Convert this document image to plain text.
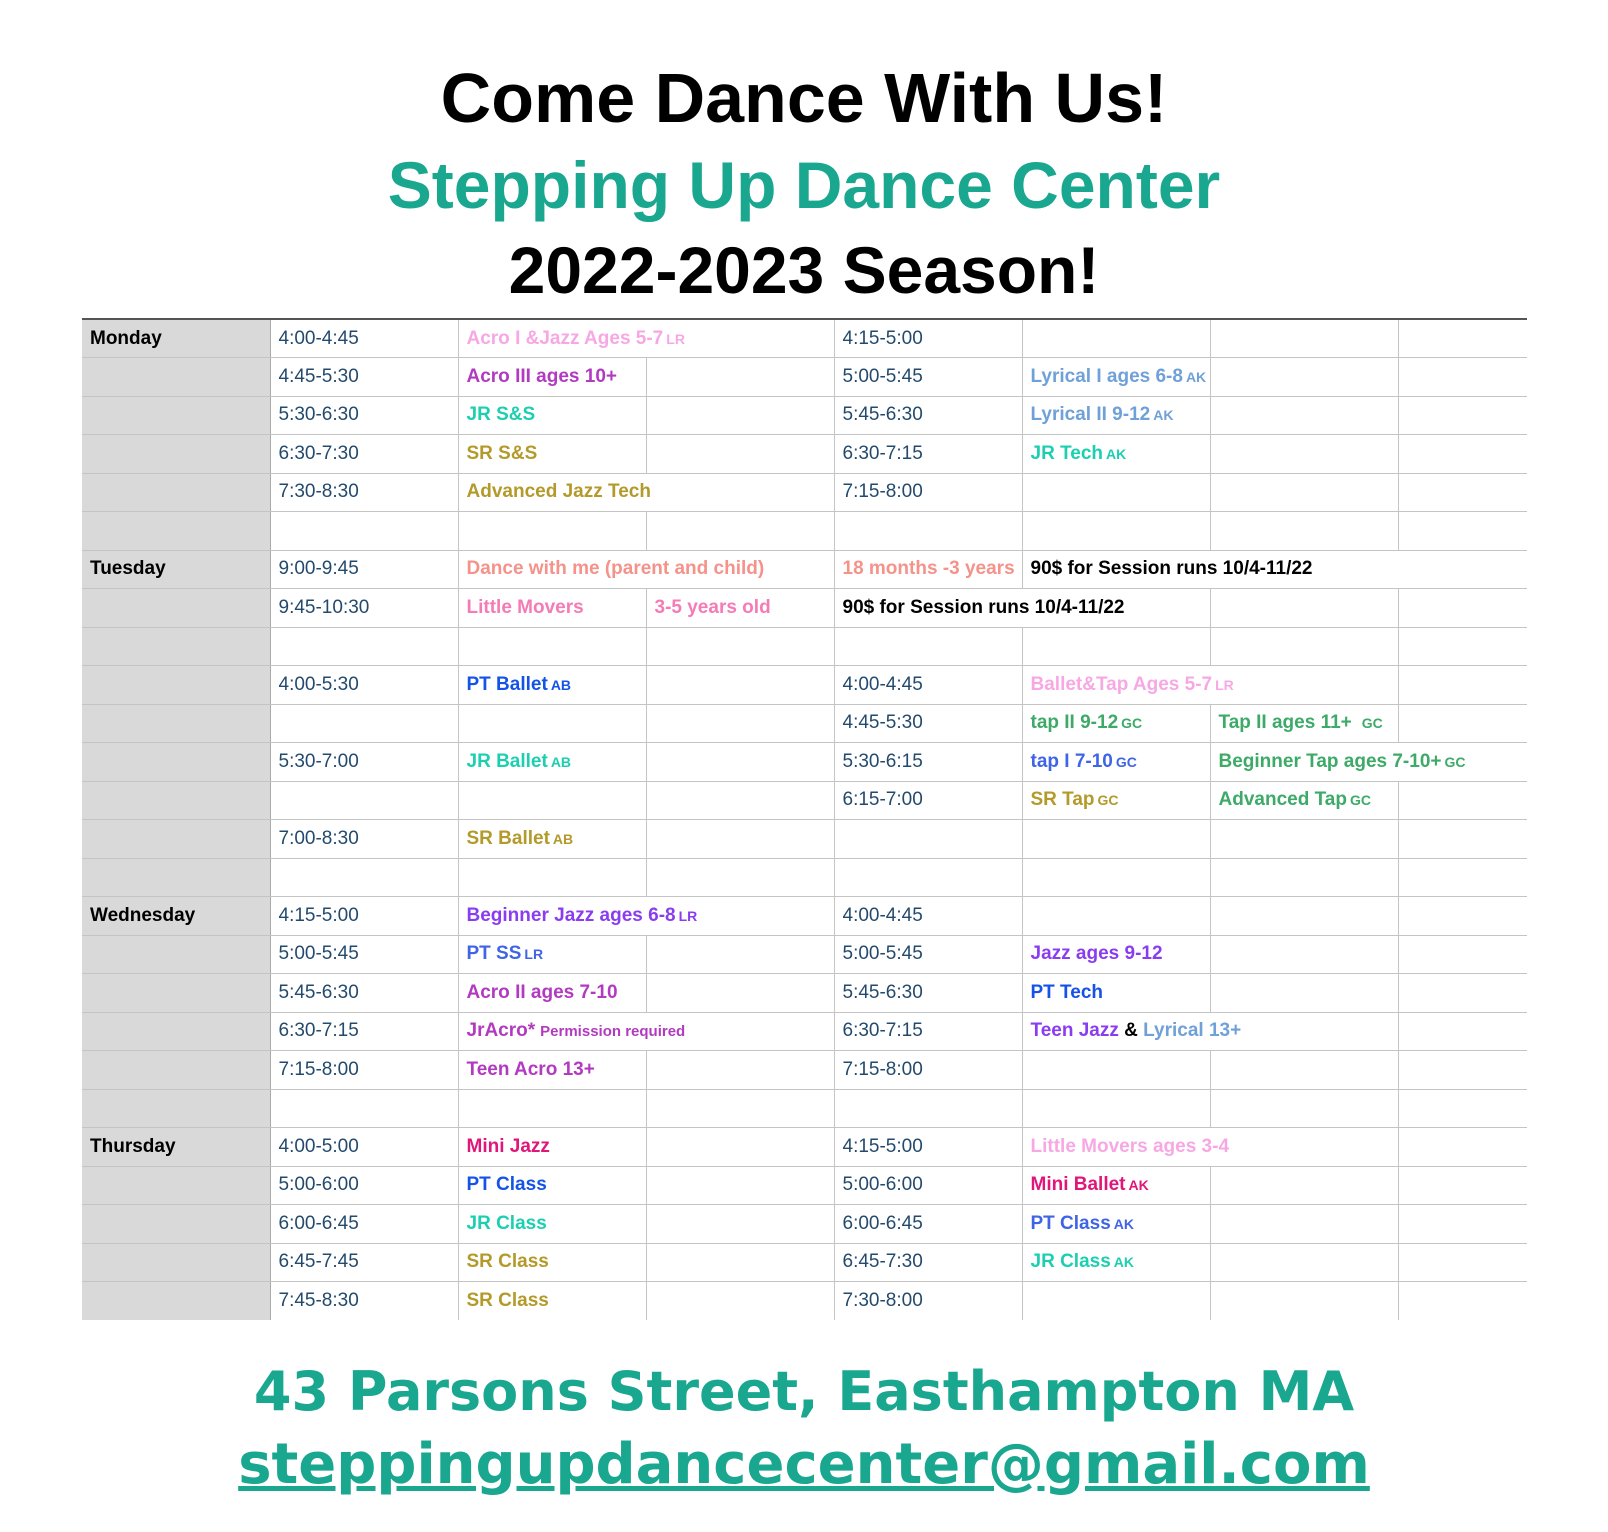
Come Dance With Us!
Stepping Up Dance Center
2022-2023 Season!
Monday	4:00-4:45	Acro I &Jazz Ages 5-7 LR		4:15-5:00			
	4:45-5:30	Acro III ages 10+		5:00-5:45	Lyrical I ages 6-8 AK		
	5:30-6:30	JR S&S		5:45-6:30	Lyrical II 9-12 AK		
	6:30-7:30	SR S&S		6:30-7:15	JR Tech AK		
	7:30-8:30	Advanced Jazz Tech		7:15-8:00			

Tuesday	9:00-9:45	Dance with me (parent and child)		18 months -3 years	90$ for Session runs 10/4-11/22		
	9:45-10:30	Little Movers	3-5 years old	90$ for Session runs 10/4-11/22			

	4:00-5:30	PT Ballet AB		4:00-4:45	Ballet&Tap Ages 5-7 LR		
				4:45-5:30	tap II 9-12 GC	Tap II ages 11+ GC	
	5:30-7:00	JR Ballet AB		5:30-6:15	tap I 7-10 GC	Beginner Tap ages 7-10+ GC	
				6:15-7:00	SR Tap GC	Advanced Tap GC	
	7:00-8:30	SR Ballet AB					

Wednesday	4:15-5:00	Beginner Jazz ages 6-8 LR		4:00-4:45			
	5:00-5:45	PT SS LR		5:00-5:45	Jazz ages 9-12		
	5:45-6:30	Acro II ages 7-10		5:45-6:30	PT Tech		
	6:30-7:15	JrAcro* Permission required		6:30-7:15	Teen Jazz & Lyrical 13+		
	7:15-8:00	Teen Acro 13+		7:15-8:00			

Thursday	4:00-5:00	Mini Jazz		4:15-5:00	Little Movers ages 3-4		
	5:00-6:00	PT Class		5:00-6:00	Mini Ballet AK		
	6:00-6:45	JR Class		6:00-6:45	PT Class AK		
	6:45-7:45	SR Class		6:45-7:30	JR Class AK		
	7:45-8:30	SR Class		7:30-8:00			
43 Parsons Street, Easthampton MA
steppingupdancecenter@gmail.com
